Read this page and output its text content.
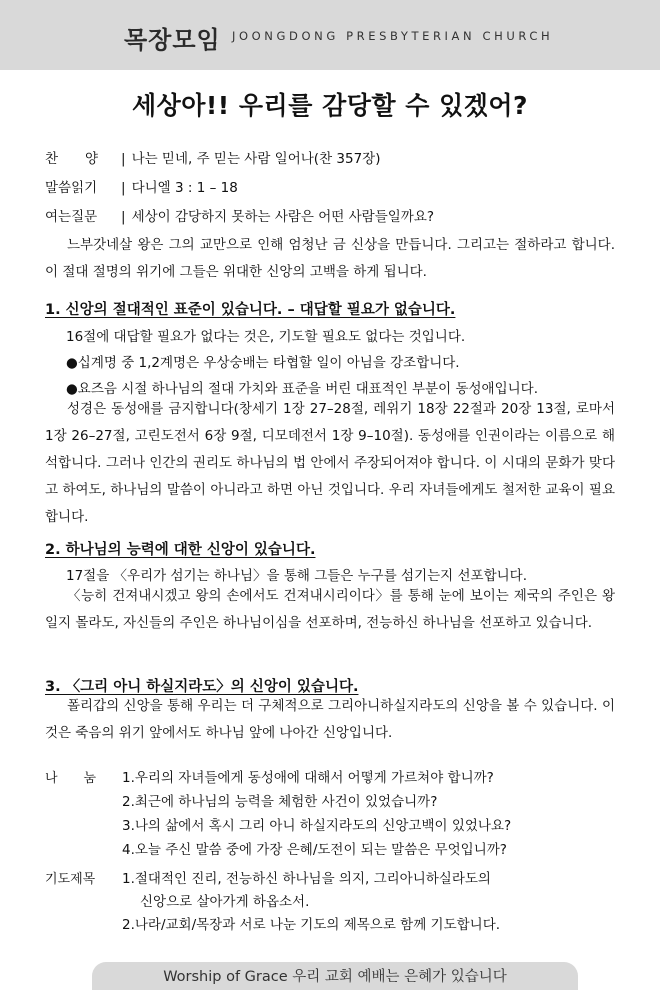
목장모임 JOONGDONG PRESBYTERIAN CHURCH
세상아!! 우리를 감당할 수 있겠어?
찬　　양 | 나는 믿네, 주 믿는 사람 일어나(찬 357장)
말씀읽기 | 다니엘 3 : 1 – 18
여는질문 | 세상이 감당하지 못하는 사람은 어떤 사람들일까요?
느부갓네살 왕은 그의 교만으로 인해 엄청난 금 신상을 만듭니다. 그리고는 절하라고 합니다. 이 절대 절명의 위기에 그들은 위대한 신앙의 고백을 하게 됩니다.
1. 신앙의 절대적인 표준이 있습니다. – 대답할 필요가 없습니다.
16절에 대답할 필요가 없다는 것은, 기도할 필요도 없다는 것입니다.
●십계명 중 1,2계명은 우상숭배는 타협할 일이 아님을 강조합니다.
●요즈음 시절 하나님의 절대 가치와 표준을 버린 대표적인 부분이 동성애입니다.
성경은 동성애를 금지합니다(창세기 1장 27–28절, 레위기 18장 22절과 20장 13절, 로마서 1장 26–27절, 고린도전서 6장 9절, 디모데전서 1장 9–10절). 동성애를 인권이라는 이름으로 해석합니다. 그러나 인간의 권리도 하나님의 법 안에서 주장되어져야 합니다. 이 시대의 문화가 맞다고 하여도, 하나님의 말씀이 아니라고 하면 아닌 것입니다. 우리 자녀들에게도 철저한 교육이 필요합니다.
2. 하나님의 능력에 대한 신앙이 있습니다.
17절을 〈우리가 섬기는 하나님〉을 통해 그들은 누구를 섬기는지 선포합니다.
〈능히 건져내시겠고 왕의 손에서도 건져내시리이다〉를 통해 눈에 보이는 제국의 주인은 왕일지 몰라도, 자신들의 주인은 하나님이심을 선포하며, 전능하신 하나님을 선포하고 있습니다.
3. 〈그리 아니 하실지라도〉의 신앙이 있습니다.
폴리갑의 신앙을 통해 우리는 더 구체적으로 그리아니하실지라도의 신앙을 볼 수 있습니다. 이것은 죽음의 위기 앞에서도 하나님 앞에 나아간 신앙입니다.
나　　눔 1.우리의 자녀들에게 동성애에 대해서 어떻게 가르쳐야 합니까?
2.최근에 하나님의 능력을 체험한 사건이 있었습니까?
3.나의 삶에서 혹시 그리 아니 하실지라도의 신앙고백이 있었나요?
4.오늘 주신 말씀 중에 가장 은혜/도전이 되는 말씀은 무엇입니까?
기도제목 1.절대적인 진리, 전능하신 하나님을 의지, 그리아니하실라도의
신앙으로 살아가게 하옵소서.
2.나라/교회/목장과 서로 나눈 기도의 제목으로 함께 기도합니다.
Worship of Grace 우리 교회 예배는 은혜가 있습니다
